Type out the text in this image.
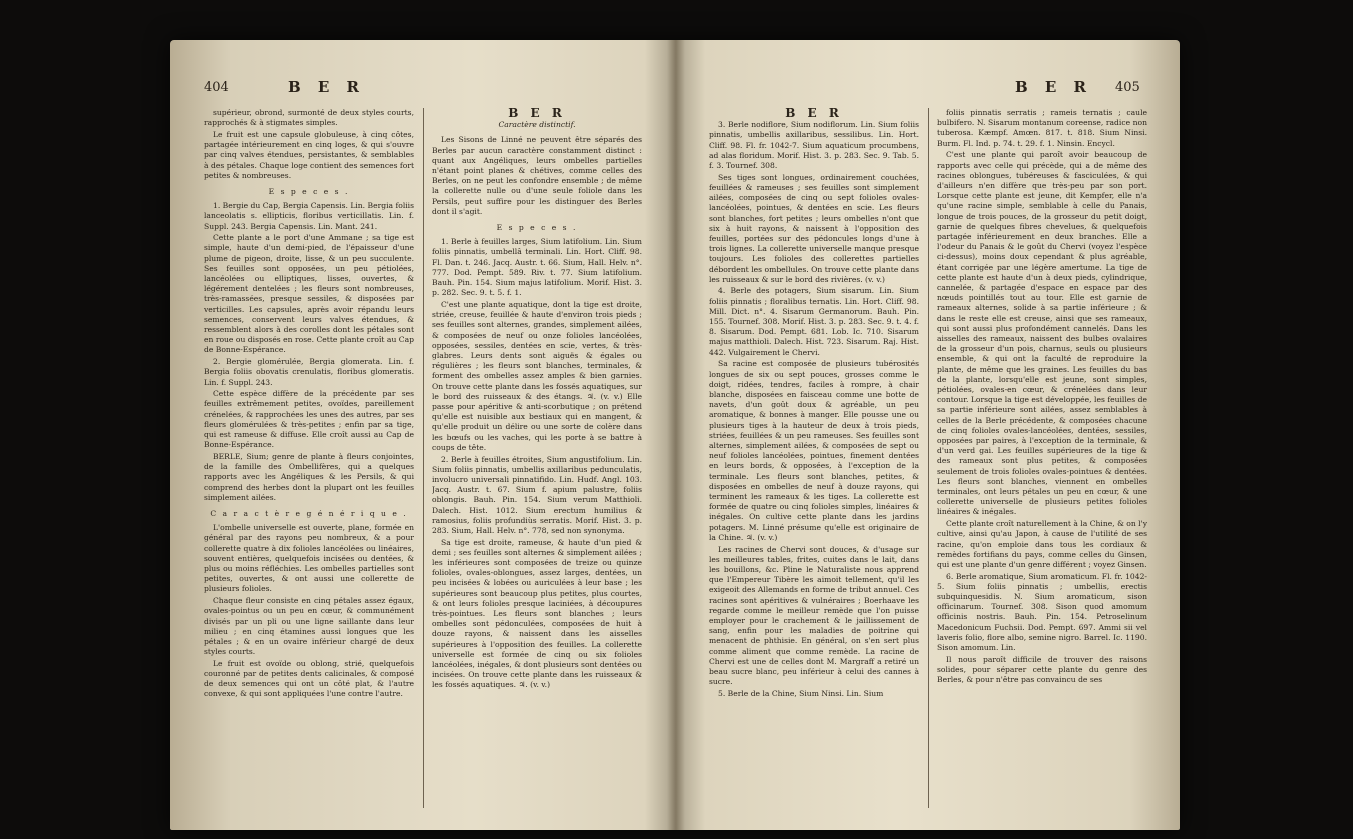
404	B E R

supérieur, obrond, surmonté de deux styles courts, rapprochés & à stigmates simples.

Le fruit est une capsule globuleuse, à cinq côtes, partagée intérieurement en cinq loges, & qui s'ouvre par cinq valves étendues, persistantes, & semblables à des pétales. Chaque loge contient des semences fort petites & nombreuses.

E s p e c e s .

1. Bergie du Cap, Bergia Capensis. Lin. Bergia foliis lanceolatis s. ellipticis, floribus verticillatis. Lin. f. Suppl. 243. Bergia Capensis. Lin. Mant. 241.

Cette plante a le port d'une Ammane ; sa tige est simple, haute d'un demi-pied, de l'épaisseur d'une plume de pigeon, droite, lisse, & un peu succulente. Ses feuilles sont opposées, un peu pétiolées, lancéolées ou elliptiques, lisses, ouvertes, & légérement dentelées ; les fleurs sont nombreuses, très-ramassées, presque sessiles, & disposées par verticilles. Les capsules, après avoir répandu leurs semences, conservent leurs valves étendues, & ressemblent alors à des corolles dont les pétales sont en roue ou disposés en rose. Cette plante croît au Cap de Bonne-Espérance.

2. Bergie glomérulée, Bergia glomerata. Lin. f. Bergia foliis obovatis crenulatis, floribus glomeratis. Lin. f. Suppl. 243.

Cette espèce diffère de la précédente par ses feuilles extrêmement petites, ovoïdes, pareillement crénelées, & rapprochées les unes des autres, par ses fleurs glomérulées & très-petites ; enfin par sa tige, qui est rameuse & diffuse. Elle croît aussi au Cap de Bonne-Espérance.

BERLE, Sium; genre de plante à fleurs conjointes, de la famille des Ombellifères, qui a quelques rapports avec les Angéliques & les Persils, & qui comprend des herbes dont la plupart ont les feuilles simplement ailées.

C a r a c t è r e g é n é r i q u e .

L'ombelle universelle est ouverte, plane, formée en général par des rayons peu nombreux, & a pour collerette quatre à dix folioles lancéolées ou linéaires, souvent entières, quelquefois incisées ou dentées, & plus ou moins réfléchies. Les ombelles partielles sont petites, ouvertes, & ont aussi une collerette de plusieurs folioles.

Chaque fleur consiste en cinq pétales assez égaux, ovales-pointus ou un peu en cœur, & communément divisés par un pli ou une ligne saillante dans leur milieu ; en cinq étamines aussi longues que les pétales ; & en un ovaire inférieur chargé de deux styles courts.

Le fruit est ovoïde ou oblong, strié, quelquefois couronné par de petites dents calicinales, & composé de deux semences qui ont un côté plat, & l'autre convexe, & qui sont appliquées l'une contre l'autre.

B E R

Caractère distinctif.

Les Sisons de Linné ne peuvent être séparés des Berles par aucun caractère constamment distinct : quant aux Angéliques, leurs ombelles partielles n'étant point planes & chétives, comme celles des Berles, on ne peut les confondre ensemble ; de même la collerette nulle ou d'une seule foliole dans les Persils, peut suffire pour les distinguer des Berles dont il s'agit.

E s p e c e s .

1. Berle à feuilles larges, Sium latifolium. Lin. Sium foliis pinnatis, umbellâ terminali. Lin. Hort. Cliff. 98. Fl. Dan. t. 246. Jacq. Austr. t. 66. Sium, Hall. Helv. n°. 777. Dod. Pempt. 589. Riv. t. 77. Sium latifolium. Bauh. Pin. 154. Sium majus latifolium. Morif. Hist. 3. p. 282. Sec. 9. t. 5. f. 1.

C'est une plante aquatique, dont la tige est droite, striée, creuse, feuillée & haute d'environ trois pieds ; ses feuilles sont alternes, grandes, simplement ailées, & composées de neuf ou onze folioles lancéolées, opposées, sessiles, dentées en scie, vertes, & très-glabres. Leurs dents sont aiguës & égales ou régulières ; les fleurs sont blanches, terminales, & forment des ombelles assez amples & bien garnies. On trouve cette plante dans les fossés aquatiques, sur le bord des ruisseaux & des étangs. ♃. (v. v.) Elle passe pour apéritive & anti-scorbutique ; on prétend qu'elle est nuisible aux bestiaux qui en mangent, & qu'elle produit un délire ou une sorte de colère dans les bœufs ou les vaches, qui les porte à se battre à coups de tête.

2. Berle à feuilles étroites, Sium angustifolium. Lin. Sium foliis pinnatis, umbellis axillaribus pedunculatis, involucro universali pinnatifido. Lin. Hudf. Angl. 103. Jacq. Austr. t. 67. Sium f. apium palustre, foliis oblongis. Bauh. Pin. 154. Sium verum Matthioli. Dalech. Hist. 1012. Sium erectum humilius & ramosius, foliis profundiùs serratis. Morif. Hist. 3. p. 283. Sium, Hall. Helv. n°. 778, sed non synonyma.

Sa tige est droite, rameuse, & haute d'un pied & demi ; ses feuilles sont alternes & simplement ailées ; les inférieures sont composées de treize ou quinze folioles, ovales-oblongues, assez larges, dentées, un peu incisées & lobées ou auriculées à leur base ; les supérieures sont beaucoup plus petites, plus courtes, & ont leurs folioles presque laciniées, à découpures très-pointues. Les fleurs sont blanches ; leurs ombelles sont pédonculées, composées de huit à douze rayons, & naissent dans les aisselles supérieures à l'opposition des feuilles. La collerette universelle est formée de cinq ou six folioles lancéolées, inégales, & dont plusieurs sont dentées ou incisées. On trouve cette plante dans les ruisseaux & les fossés aquatiques. ♃. (v. v.)

B E R 405

B E R

3. Berle nodiflore, Sium nodiflorum. Lin. Sium foliis pinnatis, umbellis axillaribus, sessilibus. Lin. Hort. Cliff. 98. Fl. fr. 1042-7. Sium aquaticum procumbens, ad alas floridum. Morif. Hist. 3. p. 283. Sec. 9. Tab. 5. f. 3. Tournef. 308.

Ses tiges sont longues, ordinairement couchées, feuillées & rameuses ; ses feuilles sont simplement ailées, composées de cinq ou sept folioles ovales-lancéolées, pointues, & dentées en scie. Les fleurs sont blanches, fort petites ; leurs ombelles n'ont que six à huit rayons, & naissent à l'opposition des feuilles, portées sur des pédoncules longs d'une à trois lignes. La collerette universelle manque presque toujours. Les folioles des collerettes partielles débordent les ombellules. On trouve cette plante dans les ruisseaux & sur le bord des rivières. (v. v.)

4. Berle des potagers, Sium sisarum. Lin. Sium foliis pinnatis ; floralibus ternatis. Lin. Hort. Cliff. 98. Mill. Dict. n°. 4. Sisarum Germanorum. Bauh. Pin. 155. Tournef. 308. Morif. Hist. 3. p. 283. Sec. 9. t. 4. f. 8. Sisarum. Dod. Pempt. 681. Lob. Ic. 710. Sisarum majus matthioli. Dalech. Hist. 723. Sisarum. Raj. Hist. 442. Vulgairement le Chervi.

Sa racine est composée de plusieurs tubérosités longues de six ou sept pouces, grosses comme le doigt, ridées, tendres, faciles à rompre, à chair blanche, disposées en faisceau comme une botte de navets, d'un goût doux & agréable, un peu aromatique, & bonnes à manger. Elle pousse une ou plusieurs tiges à la hauteur de deux à trois pieds, striées, feuillées & un peu rameuses. Ses feuilles sont alternes, simplement ailées, & composées de sept ou neuf folioles lancéolées, pointues, finement dentées en leurs bords, & opposées, à l'exception de la terminale. Les fleurs sont blanches, petites, & disposées en ombelles de neuf à douze rayons, qui terminent les rameaux & les tiges. La collerette est formée de quatre ou cinq folioles simples, linéaires & inégales. On cultive cette plante dans les jardins potagers. M. Linné présume qu'elle est originaire de la Chine. ♃. (v. v.)

Les racines de Chervi sont douces, & d'usage sur les meilleures tables, frites, cuites dans le lait, dans les bouillons, &c. Pline le Naturaliste nous apprend que l'Empereur Tibère les aimoit tellement, qu'il les exigeoit des Allemands en forme de tribut annuel. Ces racines sont apéritives & vulnéraires ; Boerhaave les regarde comme le meilleur remède que l'on puisse employer pour le crachement & le jaillissement de sang, enfin pour les maladies de poitrine qui menacent de phthisie. En général, on s'en sert plus comme aliment que comme remède. La racine de Chervi est une de celles dont M. Margraff a retiré un beau sucre blanc, peu inférieur à celui des cannes à sucre.

5. Berle de la Chine, Sium Ninsi. Lin. Sium

foliis pinnatis serratis ; rameis ternatis ; caule bulbifero. N. Sisarum montanum coreense, radice non tuberosa. Kæmpf. Amœn. 817. t. 818. Sium Ninsi. Burm. Fl. Ind. p. 74. t. 29. f. 1. Ninsin. Encycl.

C'est une plante qui paroît avoir beaucoup de rapports avec celle qui précède, qui a de même des racines oblongues, tubéreuses & fasciculées, & qui d'ailleurs n'en diffère que très-peu par son port. Lorsque cette plante est jeune, dit Kempfer, elle n'a qu'une racine simple, semblable à celle du Panais, longue de trois pouces, de la grosseur du petit doigt, garnie de quelques fibres chevelues, & quelquefois partagée inférieurement en deux branches. Elle a l'odeur du Panais & le goût du Chervi (voyez l'espèce ci-dessus), moins doux cependant & plus agréable, étant corrigée par une légère amertume. La tige de cette plante est haute d'un à deux pieds, cylindrique, cannelée, & partagée d'espace en espace par des nœuds pointillés tout au tour. Elle est garnie de rameaux alternes, solide à sa partie inférieure ; & dans le reste elle est creuse, ainsi que ses rameaux, qui sont aussi plus profondément cannelés. Dans les aisselles des rameaux, naissent des bulbes ovalaires de la grosseur d'un pois, charnus, seuls ou plusieurs ensemble, & qui ont la faculté de reproduire la plante, de même que les graines. Les feuilles du bas de la plante, lorsqu'elle est jeune, sont simples, pétiolées, ovales-en cœur, & crénelées dans leur contour. Lorsque la tige est développée, les feuilles de sa partie inférieure sont ailées, assez semblables à celles de la Berle précédente, & composées chacune de cinq folioles ovales-lancéolées, dentées, sessiles, opposées par paires, à l'exception de la terminale, & d'un verd gai. Les feuilles supérieures de la tige & des rameaux sont plus petites, & composées seulement de trois folioles ovales-pointues & dentées. Les fleurs sont blanches, viennent en ombelles terminales, ont leurs pétales un peu en cœur, & une collerette universelle de plusieurs petites folioles linéaires & inégales.

Cette plante croît naturellement à la Chine, & on l'y cultive, ainsi qu'au Japon, à cause de l'utilité de ses racine, qu'on emploie dans tous les cordiaux & remèdes fortifians du pays, comme celles du Ginsen, qui est une plante d'un genre différent ; voyez Ginsen.

6. Berle aromatique, Sium aromaticum. Fl. fr. 1042-5. Sium foliis pinnatis ; umbellis, erectis subquinquesidis. N. Sium aromaticum, sison officinarum. Tournef. 308. Sison quod amomum officinis nostris. Bauh. Pin. 154. Petroselinum Macedonicum Fuchsii. Dod. Pempt. 697. Ammi sii vel laveris folio, flore albo, semine nigro. Barrel. Ic. 1190. Sison amomum. Lin.

Il nous paroît difficile de trouver des raisons solides, pour séparer cette plante du genre des Berles, & pour n'être pas convaincu de ses
